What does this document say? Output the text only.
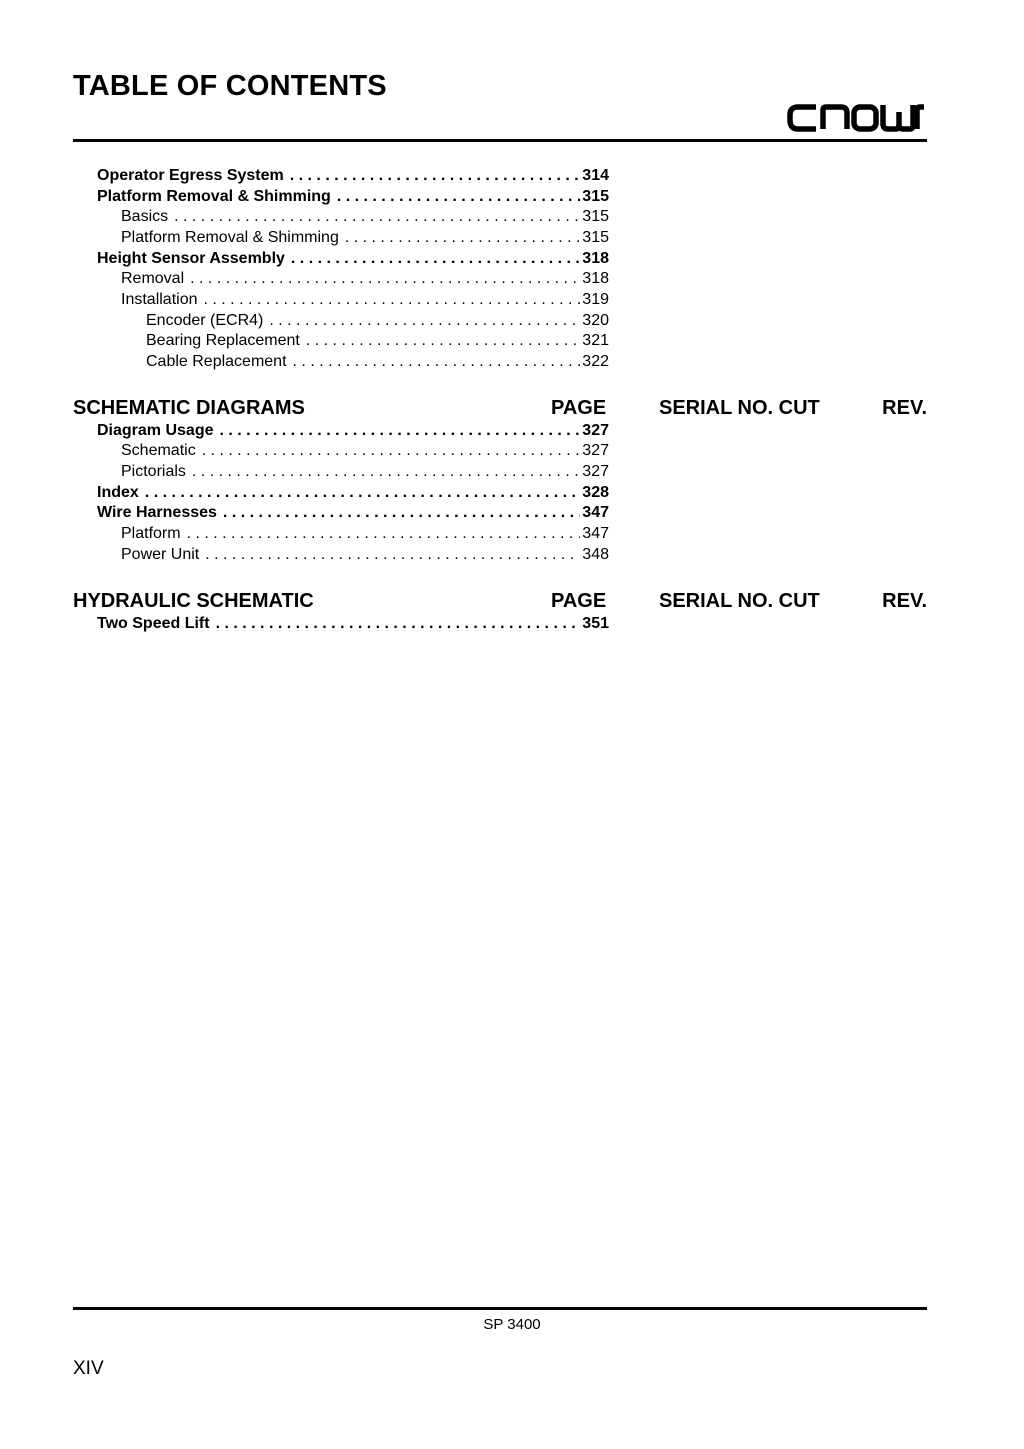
TABLE OF CONTENTS
Operator Egress System . . .	314
Platform Removal & Shimming . . .	315
Basics . . .	315
Platform Removal & Shimming . . .	315
Height Sensor Assembly . . .	318
Removal . . .	318
Installation . . .	319
Encoder (ECR4) . . .	320
Bearing Replacement . . .	321
Cable Replacement . . .	322
SCHEMATIC DIAGRAMS	PAGE	SERIAL NO. CUT	REV.
Diagram Usage . . .	327
Schematic . . .	327
Pictorials . . .	327
Index . . .	328
Wire Harnesses . . .	347
Platform . . .	347
Power Unit . . .	348
HYDRAULIC SCHEMATIC	PAGE	SERIAL NO. CUT	REV.
Two Speed Lift . . .	351
SP 3400
XIV
